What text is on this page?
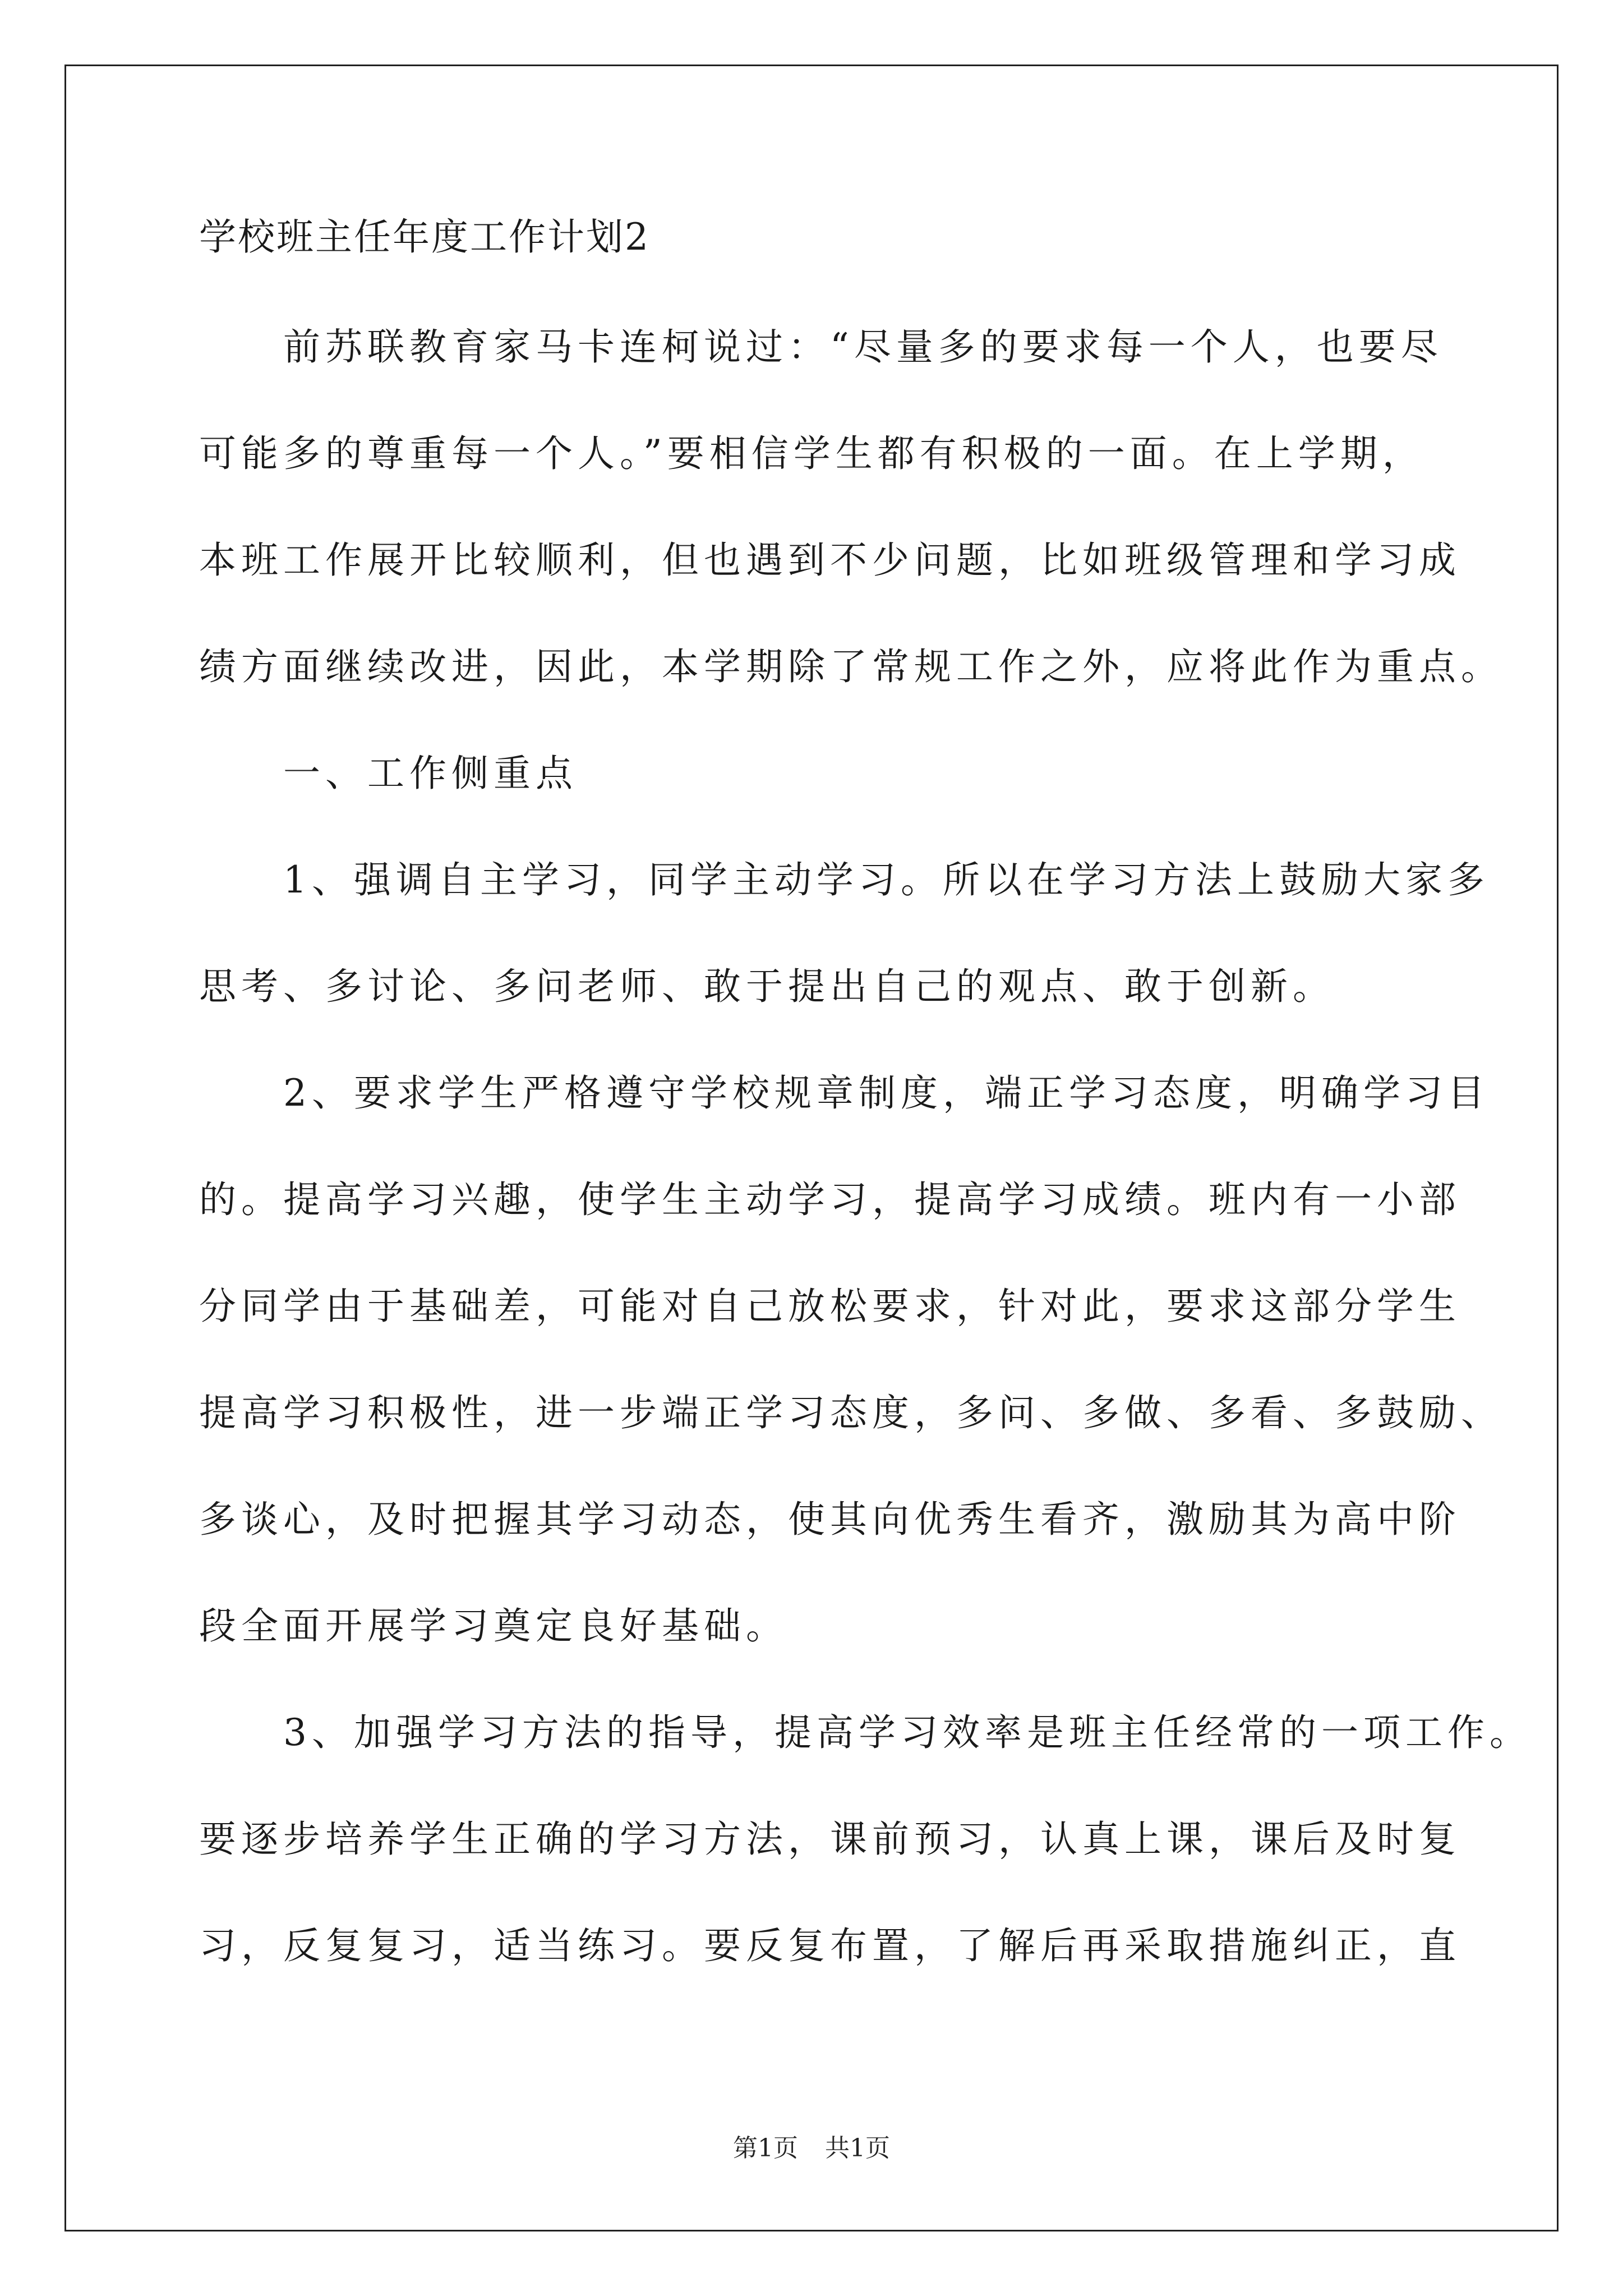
学校班主任年度工作计划2

前苏联教育家马卡连柯说过：“尽量多的要求每一个人，也要尽

可能多的尊重每一个人。”要相信学生都有积极的一面。在上学期，

本班工作展开比较顺利，但也遇到不少问题，比如班级管理和学习成

绩方面继续改进，因此，本学期除了常规工作之外，应将此作为重点。

一、工作侧重点

1、强调自主学习，同学主动学习。所以在学习方法上鼓励大家多

思考、多讨论、多问老师、敢于提出自己的观点、敢于创新。

2、要求学生严格遵守学校规章制度，端正学习态度，明确学习目

的。提高学习兴趣，使学生主动学习，提高学习成绩。班内有一小部

分同学由于基础差，可能对自己放松要求，针对此，要求这部分学生

提高学习积极性，进一步端正学习态度，多问、多做、多看、多鼓励、

多谈心，及时把握其学习动态，使其向优秀生看齐，激励其为高中阶

段全面开展学习奠定良好基础。

3、加强学习方法的指导，提高学习效率是班主任经常的一项工作。

要逐步培养学生正确的学习方法，课前预习，认真上课，课后及时复

习，反复复习，适当练习。要反复布置，了解后再采取措施纠正，直

第1页 共1页
